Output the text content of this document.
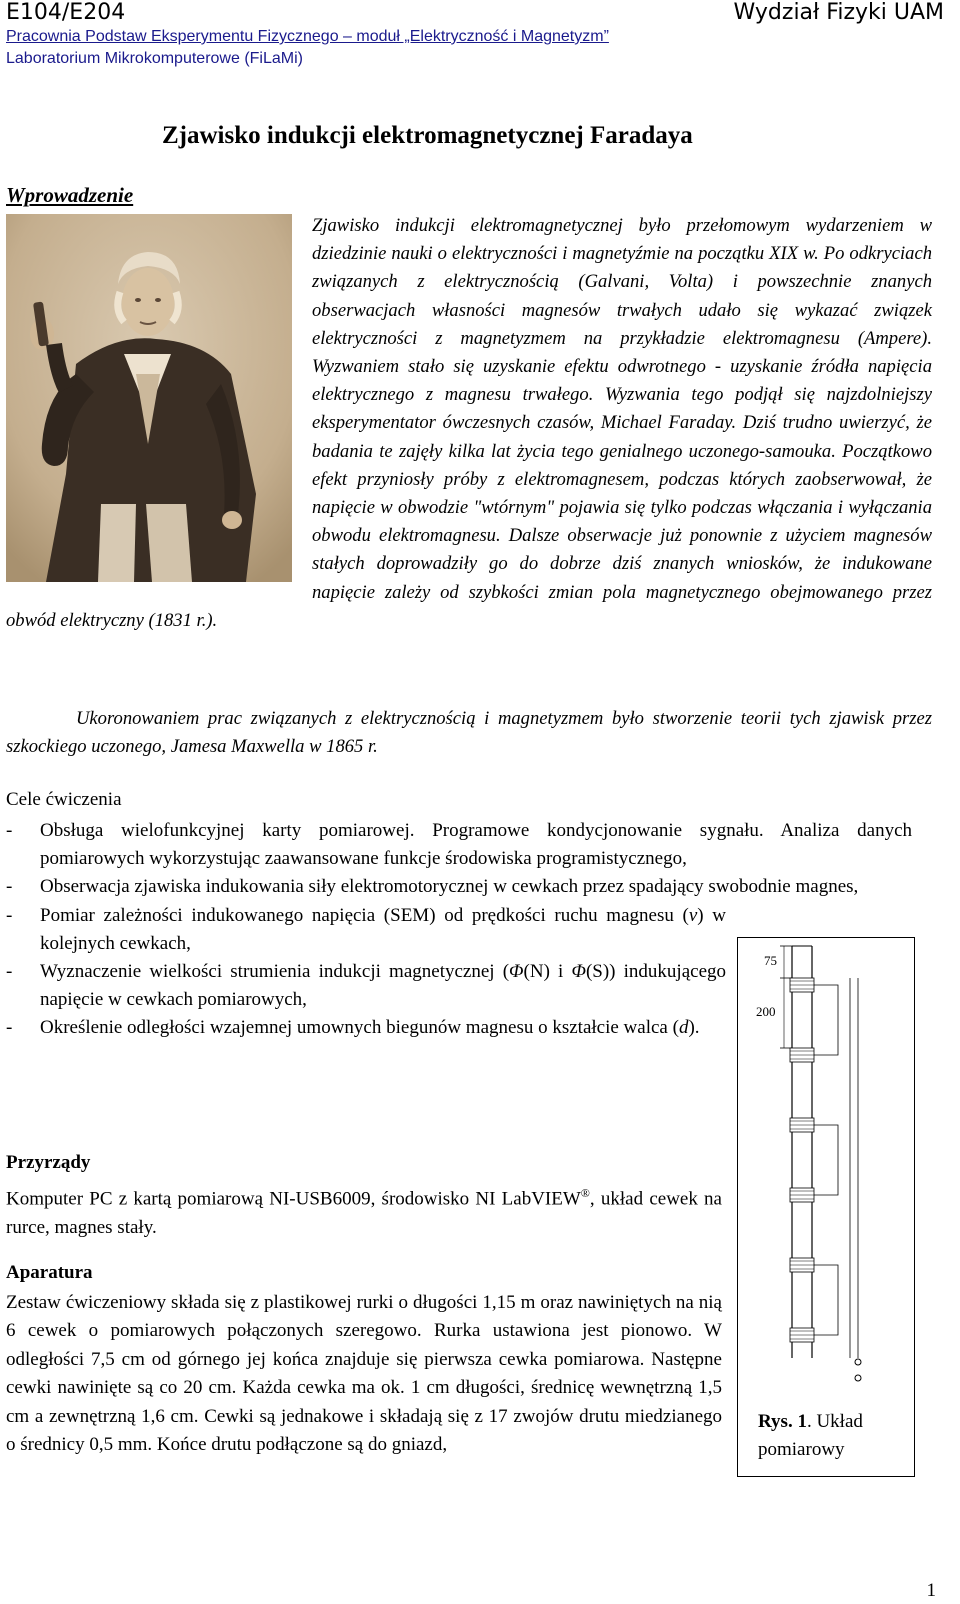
E104/E204	Wydział Fizyki UAM
Pracownia Podstaw Eksperymentu Fizycznego – moduł „Elektryczność i Magnetyzm”
Laboratorium Mikrokomputerowe (FiLaMi)
Zjawisko indukcji elektromagnetycznej Faradaya
Wprowadzenie
Zjawisko indukcji elektromagnetycznej było przełomowym wydarzeniem w dziedzinie nauki o elektryczności i magnetyźmie na początku XIX w. Po odkryciach związanych z elektrycznością (Galvani, Volta) i powszechnie znanych obserwacjach własności magnesów trwałych udało się wykazać związek elektryczności z magnetyzmem na przykładzie elektromagnesu (Ampere). Wyzwaniem stało się uzyskanie efektu odwrotnego - uzyskanie źródła napięcia elektrycznego z magnesu trwałego. Wyzwania tego podjął się najzdolniejszy eksperymentator ówczesnych czasów, Michael Faraday. Dziś trudno uwierzyć, że badania te zajęły kilka lat życia tego genialnego uczonego-samouka. Początkowo efekt przyniosły próby z elektromagnesem, podczas których zaobserwował, że napięcie w obwodzie "wtórnym" pojawia się tylko podczas włączania i wyłączania obwodu elektromagnesu. Dalsze obserwacje już ponownie z użyciem magnesów stałych doprowadziły go do dobrze dziś znanych wniosków, że indukowane napięcie zależy od szybkości zmian pola magnetycznego obejmowanego przez obwód elektryczny (1831 r.).

Ukoronowaniem prac związanych z elektrycznością i magnetyzmem było stworzenie teorii tych zjawisk przez szkockiego uczonego, Jamesa Maxwella w 1865 r.

Cele ćwiczenia
- Obsługa wielofunkcyjnej karty pomiarowej. Programowe kondycjonowanie sygnału. Analiza danych pomiarowych wykorzystując zaawansowane funkcje środowiska programistycznego,
- Obserwacja zjawiska indukowania siły elektromotorycznej w cewkach przez spadający swobodnie magnes,
- Pomiar zależności indukowanego napięcia (SEM) od prędkości ruchu magnesu (v) w kolejnych cewkach,
- Wyznaczenie wielkości strumienia indukcji magnetycznej (Φ(N) i Φ(S)) indukującego napięcie w cewkach pomiarowych,
- Określenie odległości wzajemnej umownych biegunów magnesu o kształcie walca (d).
Przyrządy

Komputer PC z kartą pomiarową NI-USB6009, środowisko NI LabVIEW®, układ cewek na rurce, magnes stały.

Aparatura

Zestaw ćwiczeniowy składa się z plastikowej rurki o długości 1,15 m oraz nawiniętych na nią 6 cewek o pomiarowych połączonych szeregowo. Rurka ustawiona jest pionowo. W odległości 7,5 cm od górnego jej końca znajduje się pierwsza cewka pomiarowa. Następne cewki nawinięte są co 20 cm. Każda cewka ma ok. 1 cm długości, średnicę wewnętrzną 1,5 cm a zewnętrzną 1,6 cm. Cewki są jednakowe i składają się z 17 zwojów drutu miedzianego o średnicy 0,5 mm. Końce drutu podłączone są do gniazd,

75
200
Rys. 1. Układ pomiarowy
1
